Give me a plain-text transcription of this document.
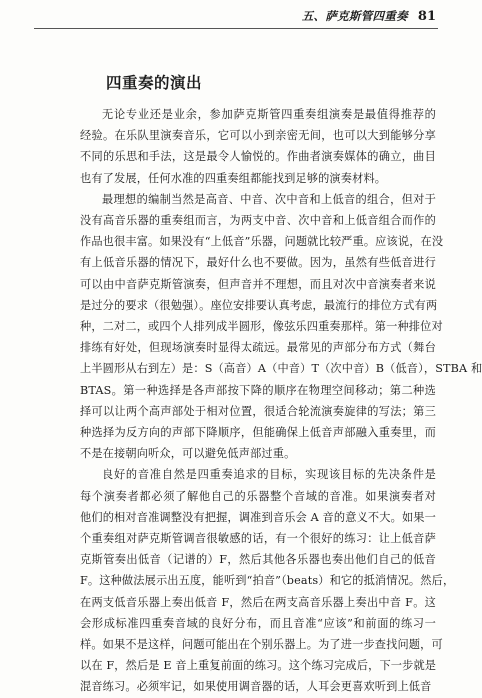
五、萨克斯管四重奏 81
四重奏的演出
无论专业还是业余，参加萨克斯管四重奏组演奏是最值得推荐的
经验。在乐队里演奏音乐，它可以小到亲密无间，也可以大到能够分享
不同的乐思和手法，这是最令人愉悦的。作曲者演奏媒体的确立，曲目
也有了发展，任何水准的四重奏组都能找到足够的演奏材料。
最理想的编制当然是高音、中音、次中音和上低音的组合，但对于
没有高音乐器的重奏组而言，为两支中音、次中音和上低音组合而作的
作品也很丰富。如果没有“上低音”乐器，问题就比较严重。应该说，在没
有上低音乐器的情况下，最好什么也不要做。因为，虽然有些低音进行
可以由中音萨克斯管演奏，但声音并不理想，而且对次中音演奏者来说
是过分的要求（很勉强）。座位安排要认真考虑，最流行的排位方式有两
种，二对二，或四个人排列成半圆形，像弦乐四重奏那样。第一种排位对
排练有好处，但现场演奏时显得太疏远。最常见的声部分布方式（舞台
上半圆形从右到左）是：S（高音）A（中音）T（次中音）B（低音），STBA 和
BTAS。第一种选择是各声部按下降的顺序在物理空间移动；第二种选
择可以让两个高声部处于相对位置，很适合轮流演奏旋律的写法；第三
种选择为反方向的声部下降顺序，但能确保上低音声部融入重奏里，而
不是在接朝向听众，可以避免低声部过重。
良好的音准自然是四重奏追求的目标，实现该目标的先决条件是
每个演奏者都必须了解他自己的乐器整个音域的音准。如果演奏者对
他们的相对音准调整没有把握，调准到音乐会 A 音的意义不大。如果一
个重奏组对萨克斯管调音很敏感的话，有一个很好的练习：让上低音萨
克斯管奏出低音（记谱的）F，然后其他各乐器也奏出他们自己的低音
F。这种做法展示出五度，能听到“拍音”（beats）和它的抵消情况。然后，
在两支低音乐器上奏出低音 F，然后在两支高音乐器上奏出中音 F。这
会形成标准四重奏音域的良好分布，而且音准“应该”和前面的练习一
样。如果不是这样，问题可能出在个别乐器上。为了进一步查找问题，可
以在 F，然后是 E 音上重复前面的练习。这个练习完成后，下一步就是
混音练习。必须牢记，如果使用调音器的话，人耳会更喜欢听到上低音
